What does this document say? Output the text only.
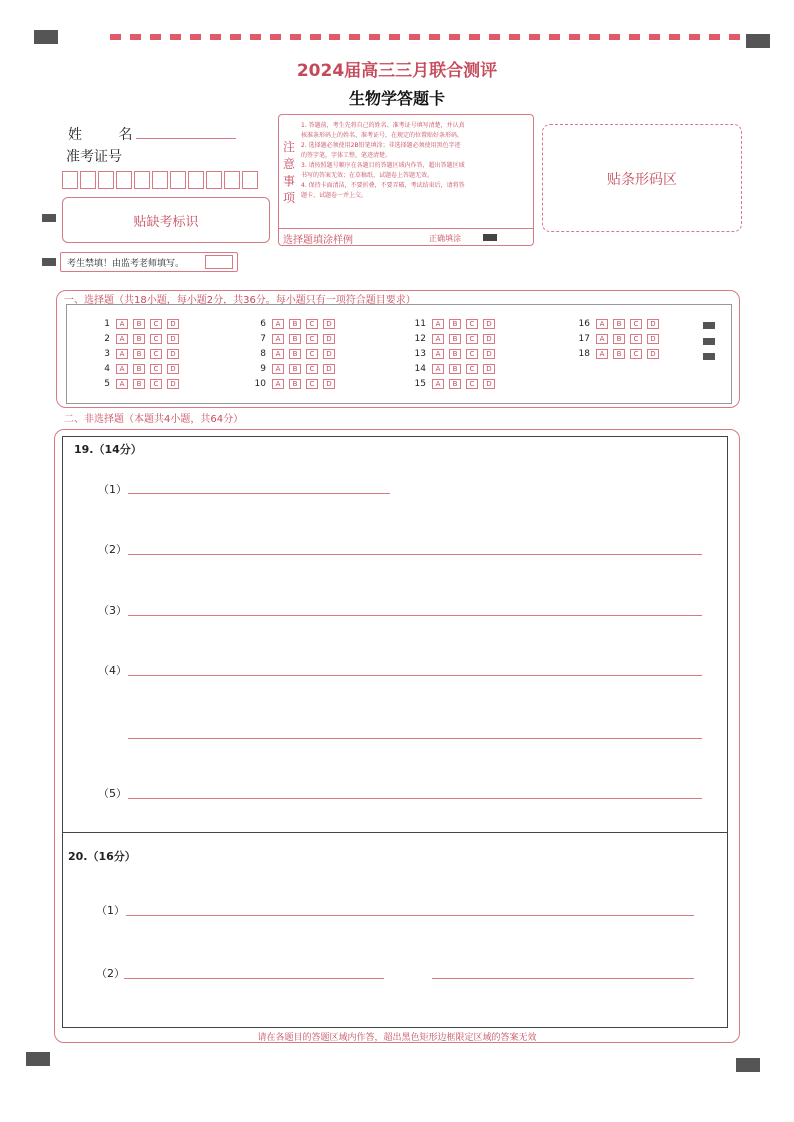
2024届高三三月联合测评
生物学答题卡
姓 名
准考证号
贴缺考标识
考生禁填！由监考老师填写。
注
意
事
项
1. 答题前，考生先将自己的姓名、准考证号填写清楚，并认真
核准条形码上的姓名、准考证号，在规定的位置贴好条形码。
2. 选择题必须使用2B铅笔填涂；非选择题必须使用黑色字迹
的签字笔，字体工整，笔迹清楚。
3. 请按照题号顺序在各题目的答题区域内作答，超出答题区域
书写的答案无效；在草稿纸、试题卷上答题无效。
4. 保持卡面清洁，不要折叠，不要弄破，考试结束后，请将答
题卡、试题卷一并上交。
选择题填涂样例	正确填涂
贴条形码区
一、选择题（共18小题，每小题2分，共36分。每小题只有一项符合题目要求）
1 A B C D
2 A B C D
3 A B C D
4 A B C D
5 A B C D
6 A B C D
7 A B C D
8 A B C D
9 A B C D
10 A B C D
11 A B C D
12 A B C D
13 A B C D
14 A B C D
15 A B C D
16 A B C D
17 A B C D
18 A B C D
二、非选择题（本题共4小题，共64分）
19.（14分）
（1）
（2）
（3）
（4）
（5）
20.（16分）
（1）
（2）
请在各题目的答题区域内作答，超出黑色矩形边框限定区域的答案无效
